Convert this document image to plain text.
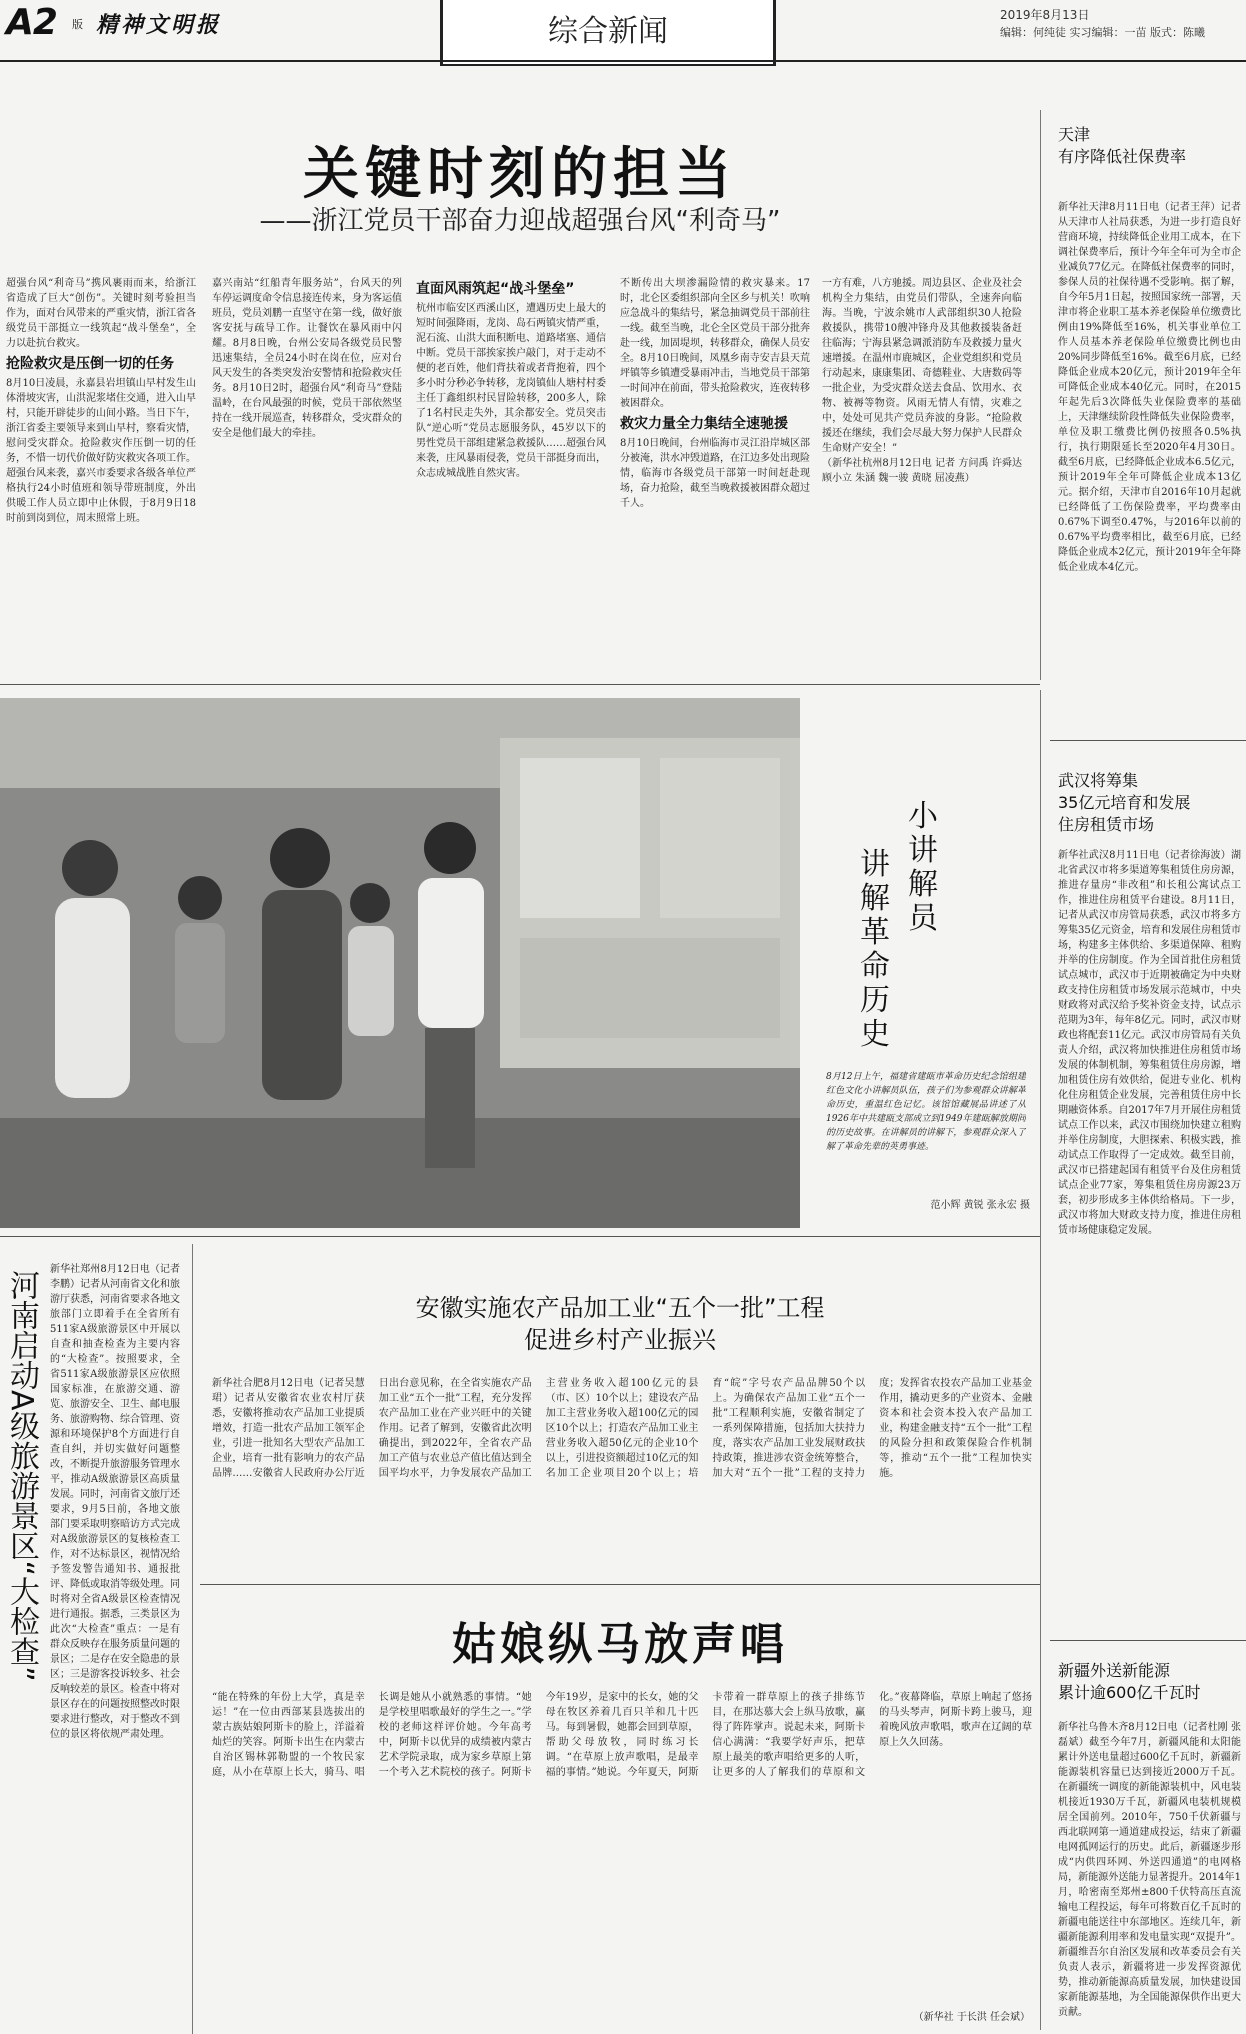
A2 版 精神文明报	综合新闻	2019年8月13日
编辑：何纯徒 实习编辑：一苗 版式：陈曦
关键时刻的担当
——浙江党员干部奋力迎战超强台风“利奇马”
超强台风“利奇马”携风裹雨而来，给浙江省造成了巨大“创伤”。关键时刻考验担当作为，面对台风带来的严重灾情，浙江省各级党员干部挺立一线筑起“战斗堡垒”，全力以赴抗台救灾。
抢险救灾是压倒一切的任务
8月10日凌晨，永嘉县岩坦镇山早村发生山体滑坡灾害，山洪泥浆堵住交通，进入山早村，只能开辟徒步的山间小路。当日下午，浙江省委主要领导来到山早村，察看灾情，慰问受灾群众。抢险救灾作压倒一切的任务，不惜一切代价做好防灾救灾各项工作。超强台风来袭，嘉兴市委要求各级各单位严格执行24小时值班和领导带班制度，外出供暖工作人员立即中止休假，于8月9日18时前到岗到位，周末照常上班。
嘉兴南站“红船青年服务站”，台风天的列车停运调度命令信息接连传来，身为客运值班员，党员刘鹏一直坚守在第一线，做好旅客安抚与疏导工作。让餐饮在暴风雨中闪耀。8月8日晚，台州公安局各级党员民警迅速集结，全员24小时在岗在位，应对台风天发生的各类突发治安警情和抢险救灾任务。8月10日2时，超强台风“利奇马”登陆温岭，在台风最强的时候，党员干部依然坚持在一线开展巡查，转移群众，受灾群众的安全是他们最大的牵挂。
直面风雨筑起“战斗堡垒”
杭州市临安区西溪山区，遭遇历史上最大的短时间强降雨，龙岗、岛石两镇灾情严重，泥石流、山洪大面积断电、道路堵塞、通信中断。党员干部挨家挨户敲门，对于走动不便的老百姓，他们背扶着或者背抱着，四个多小时分秒必争转移，龙岗镇仙人塘村村委主任丁鑫组织村民冒险转移，200多人，除了1名村民走失外，其余都安全。党员突击队“逆心听”党员志愿服务队，45岁以下的男性党员干部组建紧急救援队……超强台风来袭，庄风暴雨侵袭，党员干部挺身而出，众志成城战胜自然灾害。
不断传出大坝渗漏险情的救灾暴来。17时，北仑区委组织部向全区乡与机关！吹响应急战斗的集结号，紧急抽调党员干部前往一线。截至当晚，北仑全区党员干部分批奔赴一线，加固堤坝，转移群众，确保人员安全。8月10日晚间，凤凰乡南寺安吉县天荒坪镇等乡镇遭受暴雨冲击，当地党员干部第一时间冲在前面，带头抢险救灾，连夜转移被困群众。
救灾力量全力集结全速驰援
8月10日晚间，台州临海市灵江沿岸城区部分被淹，洪水冲毁道路，在江边多处出现险情，临海市各级党员干部第一时间赶赴现场，奋力抢险，截至当晚救援被困群众超过千人。
一方有难，八方驰援。周边县区、企业及社会机构全力集结，由党员们带队，全速奔向临海。当晚，宁波余姚市人武部组织30人抢险救援队，携带10艘冲锋舟及其他救援装备赶往临海；宁海县紧急调派消防车及救援力量火速增援。在温州市鹿城区，企业党组织和党员行动起来，康康集团、奇德鞋业、大唐数码等一批企业，为受灾群众送去食品、饮用水、衣物、被褥等物资。风雨无情人有情，灾难之中，处处可见共产党员奔波的身影。“抢险救援还在继续，我们会尽最大努力保护人民群众生命财产安全！”
（新华社杭州8月12日电 记者 方问禹 许舜达 顾小立 朱涵 魏一骏 黄晓 屈凌燕）
天津
有序降低社保费率
新华社天津8月11日电（记者王萍）记者从天津市人社局获悉，为进一步打造良好营商环境，持续降低企业用工成本，在下调社保费率后，预计今年全年可为全市企业减负77亿元。在降低社保费率的同时，参保人员的社保待遇不受影响。据了解，自今年5月1日起，按照国家统一部署，天津市将企业职工基本养老保险单位缴费比例由19%降低至16%，机关事业单位工作人员基本养老保险单位缴费比例也由20%同步降低至16%。截至6月底，已经降低企业成本20亿元，预计2019年全年可降低企业成本40亿元。同时，在2015年起先后3次降低失业保险费率的基础上，天津继续阶段性降低失业保险费率，单位及职工缴费比例仍按照各0.5%执行，执行期限延长至2020年4月30日。截至6月底，已经降低企业成本6.5亿元，预计2019年全年可降低企业成本13亿元。据介绍，天津市自2016年10月起就已经降低了工伤保险费率，平均费率由0.67%下调至0.47%，与2016年以前的0.67%平均费率相比，截至6月底，已经降低企业成本2亿元，预计2019年全年降低企业成本4亿元。
小
讲
解
员
讲
解
革
命
历
史
8月12日上午，福建省建瓯市革命历史纪念馆组建红色文化小讲解员队伍，孩子们为参观群众讲解革命历史，重温红色记忆。该馆馆藏展品讲述了从1926年中共建瓯支部成立到1949年建瓯解放期间的历史故事。在讲解员的讲解下，参观群众深入了解了革命先辈的英勇事迹。
范小辉 黄锐 张永宏 摄
武汉将筹集
35亿元培育和发展
住房租赁市场
新华社武汉8月11日电（记者徐海波）湖北省武汉市将多渠道筹集租赁住房房源，推进存量房“非改租”和长租公寓试点工作，推进住房租赁平台建设。8月11日，记者从武汉市房管局获悉，武汉市将多方筹集35亿元资金，培育和发展住房租赁市场，构建多主体供给、多渠道保障、租购并举的住房制度。作为全国首批住房租赁试点城市，武汉市于近期被确定为中央财政支持住房租赁市场发展示范城市，中央财政将对武汉给予奖补资金支持，试点示范期为3年，每年8亿元。同时，武汉市财政也将配套11亿元。武汉市房管局有关负责人介绍，武汉将加快推进住房租赁市场发展的体制机制，筹集租赁住房房源，增加租赁住房有效供给，促进专业化、机构化住房租赁企业发展，完善租赁住房中长期融资体系。自2017年7月开展住房租赁试点工作以来，武汉市围绕加快建立租购并举住房制度，大胆探索、积极实践，推动试点工作取得了一定成效。截至目前，武汉市已搭建起国有租赁平台及住房租赁试点企业77家，筹集租赁住房房源23万套，初步形成多主体供给格局。下一步，武汉市将加大财政支持力度，推进住房租赁市场健康稳定发展。
河南启动A级旅游景区“大检查”
新华社郑州8月12日电（记者李鹏）记者从河南省文化和旅游厅获悉，河南省要求各地文旅部门立即着手在全省所有511家A级旅游景区中开展以自查和抽查检查为主要内容的“大检查”。按照要求，全省511家A级旅游景区应依照国家标准，在旅游交通、游览、旅游安全、卫生、邮电服务、旅游购物、综合管理、资源和环境保护8个方面进行自查自纠，并切实做好问题整改，不断提升旅游服务管理水平，推动A级旅游景区高质量发展。同时，河南省文旅厅还要求，9月5日前，各地文旅部门要采取明察暗访方式完成对A级旅游景区的复核检查工作，对不达标景区，视情况给予签发警告通知书、通报批评、降低或取消等级处理。同时将对全省A级景区检查情况进行通报。据悉，三类景区为此次“大检查”重点：一是有群众反映存在服务质量问题的景区；二是存在安全隐患的景区；三是游客投诉较多、社会反响较差的景区。检查中将对景区存在的问题按照整改时限要求进行整改，对于整改不到位的景区将依规严肃处理。
安徽实施农产品加工业“五个一批”工程
促进乡村产业振兴
新华社合肥8月12日电（记者吴慧珺）记者从安徽省农业农村厅获悉，安徽将推动农产品加工业提质增效，打造一批农产品加工领军企业，引进一批知名大型农产品加工企业，培育一批有影响力的农产品品牌……安徽省人民政府办公厅近日出台意见称，在全省实施农产品加工业“五个一批”工程，充分发挥农产品加工业在产业兴旺中的关键作用。记者了解到，安徽省此次明确提出，到2022年，全省农产品加工产值与农业总产值比值达到全国平均水平，力争发展农产品加工主营业务收入超100亿元的县（市、区）10个以上；建设农产品加工主营业务收入超100亿元的园区10个以上；打造农产品加工业主营业务收入超50亿元的企业10个以上，引进投资额超过10亿元的知名加工企业项目20个以上；培育“皖”字号农产品品牌50个以上。为确保农产品加工业“五个一批”工程顺利实施，安徽省制定了一系列保障措施，包括加大扶持力度，落实农产品加工业发展财政扶持政策，推进涉农资金统筹整合，加大对“五个一批”工程的支持力度；发挥省农投农产品加工业基金作用，撬动更多的产业资本、金融资本和社会资本投入农产品加工业，构建金融支持“五个一批”工程的风险分担和政策保险合作机制等，推动“五个一批”工程加快实施。
姑娘纵马放声唱
“能在特殊的年份上大学，真是幸运！”在一位由西部某县选拔出的蒙古族姑娘阿斯卡的脸上，洋溢着灿烂的笑容。阿斯卡出生在内蒙古自治区锡林郭勒盟的一个牧民家庭，从小在草原上长大，骑马、唱长调是她从小就熟悉的事情。“她是学校里唱歌最好的学生之一。”学校的老师这样评价她。今年高考中，阿斯卡以优异的成绩被内蒙古艺术学院录取，成为家乡草原上第一个考入艺术院校的孩子。阿斯卡今年19岁，是家中的长女，她的父母在牧区养着几百只羊和几十匹马。每到暑假，她都会回到草原，帮助父母放牧，同时练习长调。“在草原上放声歌唱，是最幸福的事情。”她说。今年夏天，阿斯卡带着一群草原上的孩子排练节目，在那达慕大会上纵马放歌，赢得了阵阵掌声。说起未来，阿斯卡信心满满：“我要学好声乐，把草原上最美的歌声唱给更多的人听，让更多的人了解我们的草原和文化。”夜幕降临，草原上响起了悠扬的马头琴声，阿斯卡跨上骏马，迎着晚风放声歌唱，歌声在辽阔的草原上久久回荡。
（新华社 于长洪 任会斌）
新疆外送新能源
累计逾600亿千瓦时
新华社乌鲁木齐8月12日电（记者杜刚 张磊斌）截至今年7月，新疆风能和太阳能累计外送电量超过600亿千瓦时，新疆新能源装机容量已达到接近2000万千瓦。在新疆统一调度的新能源装机中，风电装机接近1930万千瓦，新疆风电装机规模居全国前列。2010年，750千伏新疆与西北联网第一通道建成投运，结束了新疆电网孤网运行的历史。此后，新疆逐步形成“内供四环网、外送四通道”的电网格局，新能源外送能力显著提升。2014年1月，哈密南至郑州±800千伏特高压直流输电工程投运，每年可将数百亿千瓦时的新疆电能送往中东部地区。连续几年，新疆新能源利用率和发电量实现“双提升”。新疆维吾尔自治区发展和改革委员会有关负责人表示，新疆将进一步发挥资源优势，推动新能源高质量发展，加快建设国家新能源基地，为全国能源保供作出更大贡献。
